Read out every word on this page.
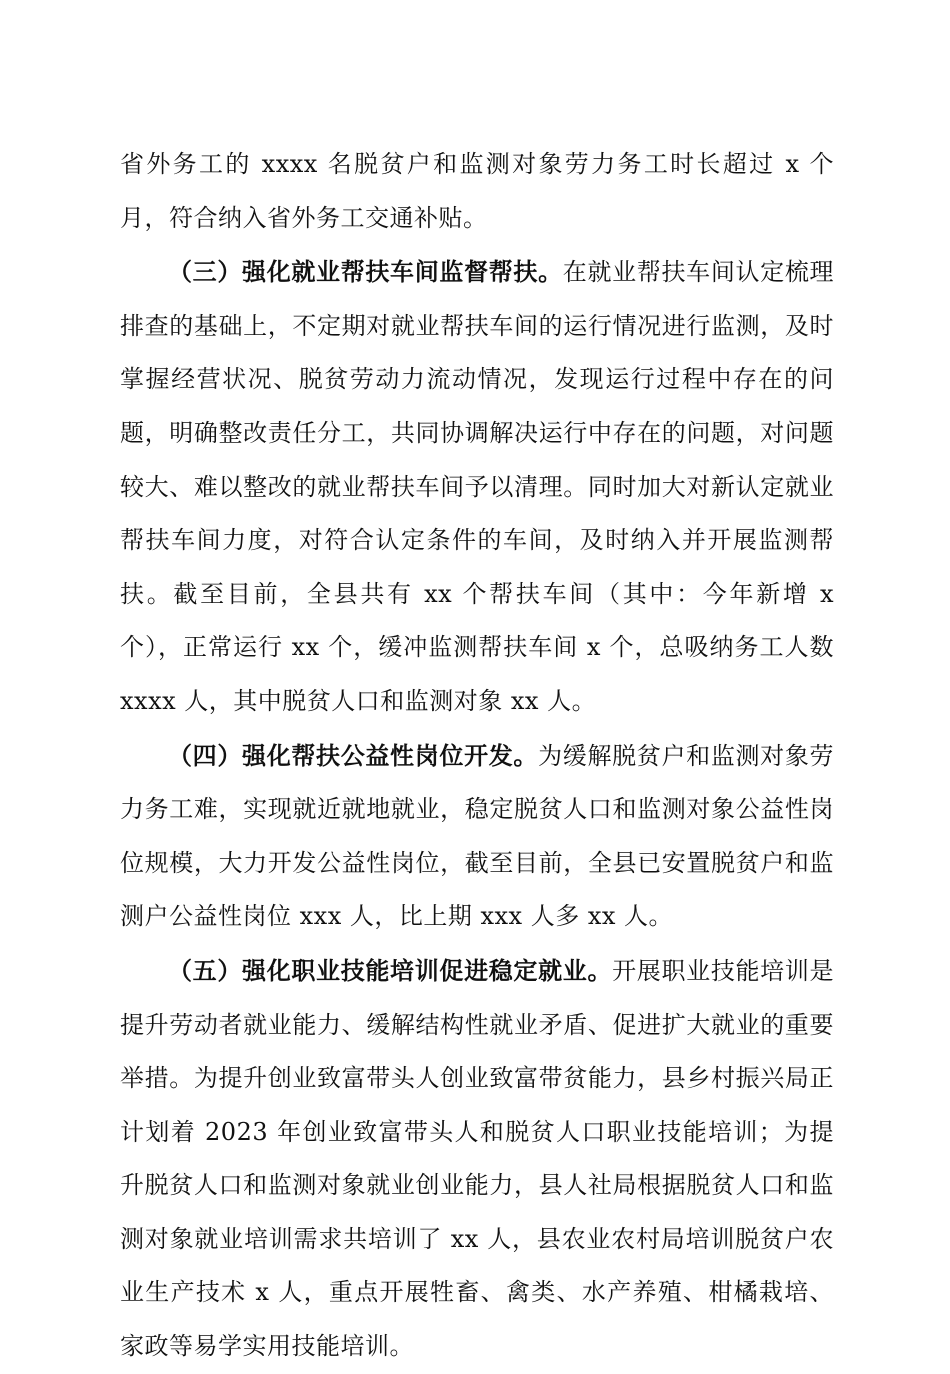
省外务工的 xxxx 名脱贫户和监测对象劳力务工时长超过 x 个月，符合纳入省外务工交通补贴。

（三）强化就业帮扶车间监督帮扶。在就业帮扶车间认定梳理排查的基础上，不定期对就业帮扶车间的运行情况进行监测，及时掌握经营状况、脱贫劳动力流动情况，发现运行过程中存在的问题，明确整改责任分工，共同协调解决运行中存在的问题，对问题较大、难以整改的就业帮扶车间予以清理。同时加大对新认定就业帮扶车间力度，对符合认定条件的车间，及时纳入并开展监测帮扶。截至目前，全县共有 xx 个帮扶车间（其中：今年新增 x 个），正常运行 xx 个，缓冲监测帮扶车间 x 个，总吸纳务工人数 xxxx 人，其中脱贫人口和监测对象 xx 人。

（四）强化帮扶公益性岗位开发。为缓解脱贫户和监测对象劳力务工难，实现就近就地就业，稳定脱贫人口和监测对象公益性岗位规模，大力开发公益性岗位，截至目前，全县已安置脱贫户和监测户公益性岗位 xxx 人，比上期 xxx 人多 xx 人。

（五）强化职业技能培训促进稳定就业。开展职业技能培训是提升劳动者就业能力、缓解结构性就业矛盾、促进扩大就业的重要举措。为提升创业致富带头人创业致富带贫能力，县乡村振兴局正计划着 2023 年创业致富带头人和脱贫人口职业技能培训；为提升脱贫人口和监测对象就业创业能力，县人社局根据脱贫人口和监测对象就业培训需求共培训了 xx 人，县农业农村局培训脱贫户农业生产技术 x 人，重点开展牲畜、禽类、水产养殖、柑橘栽培、家政等易学实用技能培训。
